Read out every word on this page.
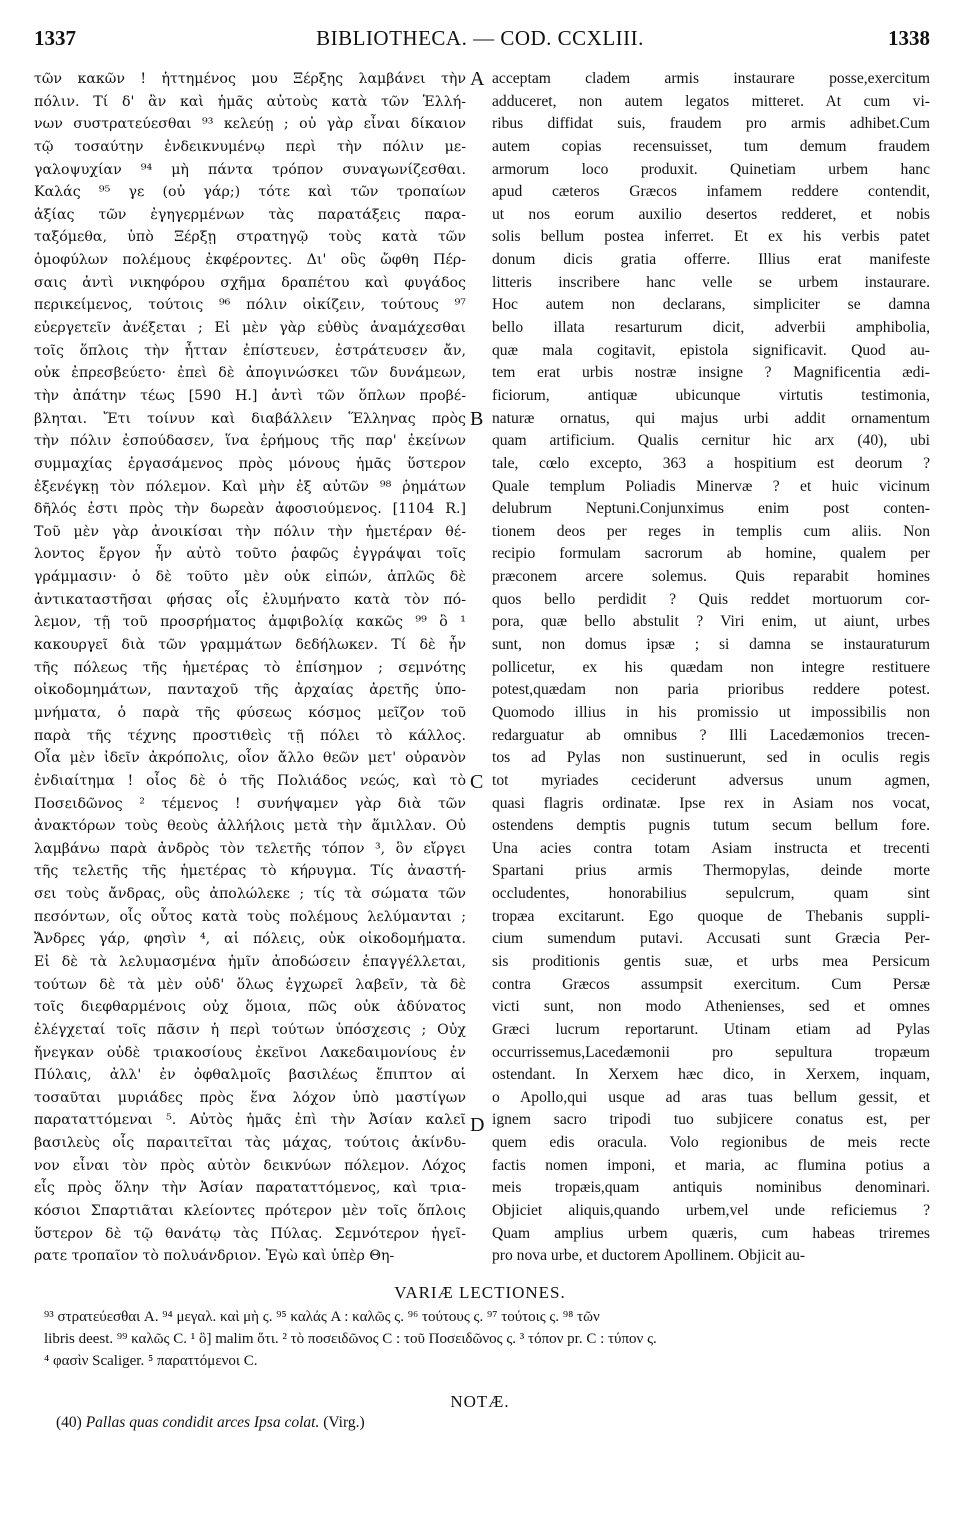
1337	BIBLIOTHECA. — COD. CCXLIII.	1338
τῶν κακῶν ! ἡττημένος μου Ξέρξης λαμβάνει τὴν
πόλιν. Τί δ' ἂν καὶ ἡμᾶς αὐτοὺς κατὰ τῶν Ἑλλή-
νων συστρατεύεσθαι ⁹³ κελεύῃ ; οὐ γὰρ εἶναι δίκαιον
τῷ τοσαύτην ἐνδεικνυμένῳ περὶ τὴν πόλιν με-
γαλοψυχίαν ⁹⁴ μὴ πάντα τρόπον συναγωνίζεσθαι.
Καλάς ⁹⁵ γε (οὐ γάρ;) τότε καὶ τῶν τροπαίων
ἀξίας τῶν ἐγηγερμένων τὰς παρατάξεις παρα-
ταξόμεθα, ὑπὸ Ξέρξῃ στρατηγῷ τοὺς κατὰ τῶν
ὁμοφύλων πολέμους ἐκφέροντες. Δι' οὓς ὤφθη Πέρ-
σαις ἀντὶ νικηφόρου σχῆμα δραπέτου καὶ φυγάδος
περικείμενος, τούτοις ⁹⁶ πόλιν οἰκίζειν, τούτους ⁹⁷
εὐεργετεῖν ἀνέξεται ; Εἰ μὲν γὰρ εὐθὺς ἀναμάχεσθαι
τοῖς ὅπλοις τὴν ἧτταν ἐπίστευεν, ἐστράτευσεν ἄν,
οὐκ ἐπρεσβεύετο· ἐπεὶ δὲ ἀπογινώσκει τῶν δυνάμεων,
τὴν ἀπάτην τέως [590 H.] ἀντὶ τῶν ὅπλων προβέ-
βληται. Ἔτι τοίνυν καὶ διαβάλλειν Ἕλληνας πρὸς
τὴν πόλιν ἐσπούδασεν, ἵνα ἐρήμους τῆς παρ' ἐκείνων
συμμαχίας ἐργασάμενος πρὸς μόνους ἡμᾶς ὕστερον
ἐξενέγκῃ τὸν πόλεμον. Καὶ μὴν ἐξ αὐτῶν ⁹⁸ ῥημάτων
δῆλός ἐστι πρὸς τὴν δωρεὰν ἀφοσιούμενος. [1104 R.]
Τοῦ μὲν γὰρ ἀνοικίσαι τὴν πόλιν τὴν ἡμετέραν θέ-
λοντος ἔργον ἦν αὐτὸ τοῦτο ῥαφῶς ἐγγράψαι τοῖς
γράμμασιν· ὁ δὲ τοῦτο μὲν οὐκ εἰπών, ἁπλῶς δὲ
ἀντικαταστῆσαι φήσας οἷς ἐλυμήνατο κατὰ τὸν πό-
λεμον, τῇ τοῦ προσρήματος ἀμφιβολίᾳ κακῶς ⁹⁹ ὃ ¹
κακουργεῖ διὰ τῶν γραμμάτων δεδήλωκεν. Τί δὲ ἦν
τῆς πόλεως τῆς ἡμετέρας τὸ ἐπίσημον ; σεμνότης
οἰκοδομημάτων, πανταχοῦ τῆς ἀρχαίας ἀρετῆς ὑπο-
μνήματα, ὁ παρὰ τῆς φύσεως κόσμος μεῖζον τοῦ
παρὰ τῆς τέχνης προστιθεὶς τῇ πόλει τὸ κάλλος.
Οἷα μὲν ἰδεῖν ἀκρόπολις, οἷον ἄλλο θεῶν μετ' οὐρανὸν
ἐνδιαίτημα ! οἷος δὲ ὁ τῆς Πολιάδος νεώς, καὶ τὸ
Ποσειδῶνος ² τέμενος ! συνήψαμεν γὰρ διὰ τῶν
ἀνακτόρων τοὺς θεοὺς ἀλλήλοις μετὰ τὴν ἅμιλλαν. Οὐ
λαμβάνω παρὰ ἀνδρὸς τὸν τελετῆς τόπον ³, ὃν εἴργει
τῆς τελετῆς τῆς ἡμετέρας τὸ κήρυγμα. Τίς ἀναστή-
σει τοὺς ἄνδρας, οὓς ἀπολώλεκε ; τίς τὰ σώματα τῶν
πεσόντων, οἷς οὗτος κατὰ τοὺς πολέμους λελύμανται ;
Ἄνδρες γάρ, φησὶν ⁴, αἱ πόλεις, οὐκ οἰκοδομήματα.
Εἰ δὲ τὰ λελυμασμένα ἡμῖν ἀποδώσειν ἐπαγγέλλεται,
τούτων δὲ τὰ μὲν οὐδ' ὅλως ἐγχωρεῖ λαβεῖν, τὰ δὲ
τοῖς διεφθαρμένοις οὐχ ὅμοια, πῶς οὐκ ἀδύνατος
ἐλέγχεταί τοῖς πᾶσιν ἡ περὶ τούτων ὑπόσχεσις ; Οὐχ
ἤνεγκαν οὐδὲ τριακοσίους ἐκεῖνοι Λακεδαιμονίους ἐν
Πύλαις, ἀλλ' ἐν ὀφθαλμοῖς βασιλέως ἔπιπτον αἱ
τοσαῦται μυριάδες πρὸς ἕνα λόχον ὑπὸ μαστίγων
παραταττόμεναι ⁵. Αὐτὸς ἡμᾶς ἐπὶ τὴν Ἀσίαν καλεῖ
βασιλεὺς οἷς παραιτεῖται τὰς μάχας, τούτοις ἀκίνδυ-
νον εἶναι τὸν πρὸς αὐτὸν δεικνύων πόλεμον. Λόχος
εἷς πρὸς ὅλην τὴν Ἀσίαν παραταττόμενος, καὶ τρια-
κόσιοι Σπαρτιᾶται κλείοντες πρότερον μὲν τοῖς ὅπλοις
ὕστερον δὲ τῷ θανάτῳ τὰς Πύλας. Σεμνότερον ἡγεῖ-
ρατε τροπαῖον τὸ πολυάνδριον. Ἐγὼ καὶ ὑπὲρ Θη-
acceptam cladem armis instaurare posse,exercitum
adduceret, non autem legatos mitteret. At cum vi-
ribus diffidat suis, fraudem pro armis adhibet.Cum
autem copias recensuisset, tum demum fraudem
armorum loco produxit. Quinetiam urbem hanc
apud cæteros Græcos infamem reddere contendit,
ut nos eorum auxilio desertos redderet, et nobis
solis bellum postea inferret. Et ex his verbis patet
donum dicis gratia offerre. Illius erat manifeste
litteris inscribere hanc velle se urbem instaurare.
Hoc autem non declarans, simpliciter se damna
bello illata resarturum dicit, adverbii amphibolia,
quæ mala cogitavit, epistola significavit. Quod au-
tem erat urbis nostræ insigne ? Magnificentia ædi-
ficiorum, antiquæ ubicunque virtutis testimonia,
naturæ ornatus, qui majus urbi addit ornamentum
quam artificium. Qualis cernitur hic arx (40), ubi
tale, cœlo excepto, 363 a hospitium est deorum ?
Quale templum Poliadis Minervæ ? et huic vicinum
delubrum Neptuni.Conjunximus enim post conten-
tionem deos per reges in templis cum aliis. Non
recipio formulam sacrorum ab homine, qualem per
præconem arcere solemus. Quis reparabit homines
quos bello perdidit ? Quis reddet mortuorum cor-
pora, quæ bello abstulit ? Viri enim, ut aiunt, urbes
sunt, non domus ipsæ ; si damna se instauraturum
pollicetur, ex his quædam non integre restituere
potest,quædam non paria prioribus reddere potest.
Quomodo illius in his promissio ut impossibilis non
redarguatur ab omnibus ? Illi Lacedæmonios trecen-
tos ad Pylas non sustinuerunt, sed in oculis regis
tot myriades ceciderunt adversus unum agmen,
quasi flagris ordinatæ. Ipse rex in Asiam nos vocat,
ostendens demptis pugnis tutum secum bellum fore.
Una acies contra totam Asiam instructa et trecenti
Spartani prius armis Thermopylas, deinde morte
occludentes, honorabilius sepulcrum, quam sint
tropæa excitarunt. Ego quoque de Thebanis suppli-
cium sumendum putavi. Accusati sunt Græcia Per-
sis proditionis gentis suæ, et urbs mea Persicum
contra Græcos assumpsit exercitum. Cum Persæ
victi sunt, non modo Athenienses, sed et omnes
Græci lucrum reportarunt. Utinam etiam ad Pylas
occurrissemus,Lacedæmonii pro sepultura tropæum
ostendant. In Xerxem hæc dico, in Xerxem, inquam,
o Apollo,qui usque ad aras tuas bellum gessit, et
ignem sacro tripodi tuo subjicere conatus est, per
quem edis oracula. Volo regionibus de meis recte
factis nomen imponi, et maria, ac flumina potius a
meis tropæis,quam antiquis nominibus denominari.
Objiciet aliquis,quando urbem,vel unde reficiemus ?
Quam amplius urbem quæris, cum habeas triremes
pro nova urbe, et ductorem Apollinem. Objicit au-
A
B
C
D
VARIÆ LECTIONES.
⁹³ στρατεύεσθαι A. ⁹⁴ μεγαλ. καὶ μὴ ς. ⁹⁵ καλάς A : καλῶς ς. ⁹⁶ τούτους ς. ⁹⁷ τούτοις ς. ⁹⁸ τῶν
libris deest. ⁹⁹ καλῶς C. ¹ ὃ] malim ὅτι. ² τὸ ποσειδῶνος C : τοῦ Ποσειδῶνος ς. ³ τόπον pr. C : τύπον ς.
⁴ φασὶν Scaliger. ⁵ παραττόμενοι C.
NOTÆ.
(40) Pallas quas condidit arces Ipsa colat. (Virg.)
